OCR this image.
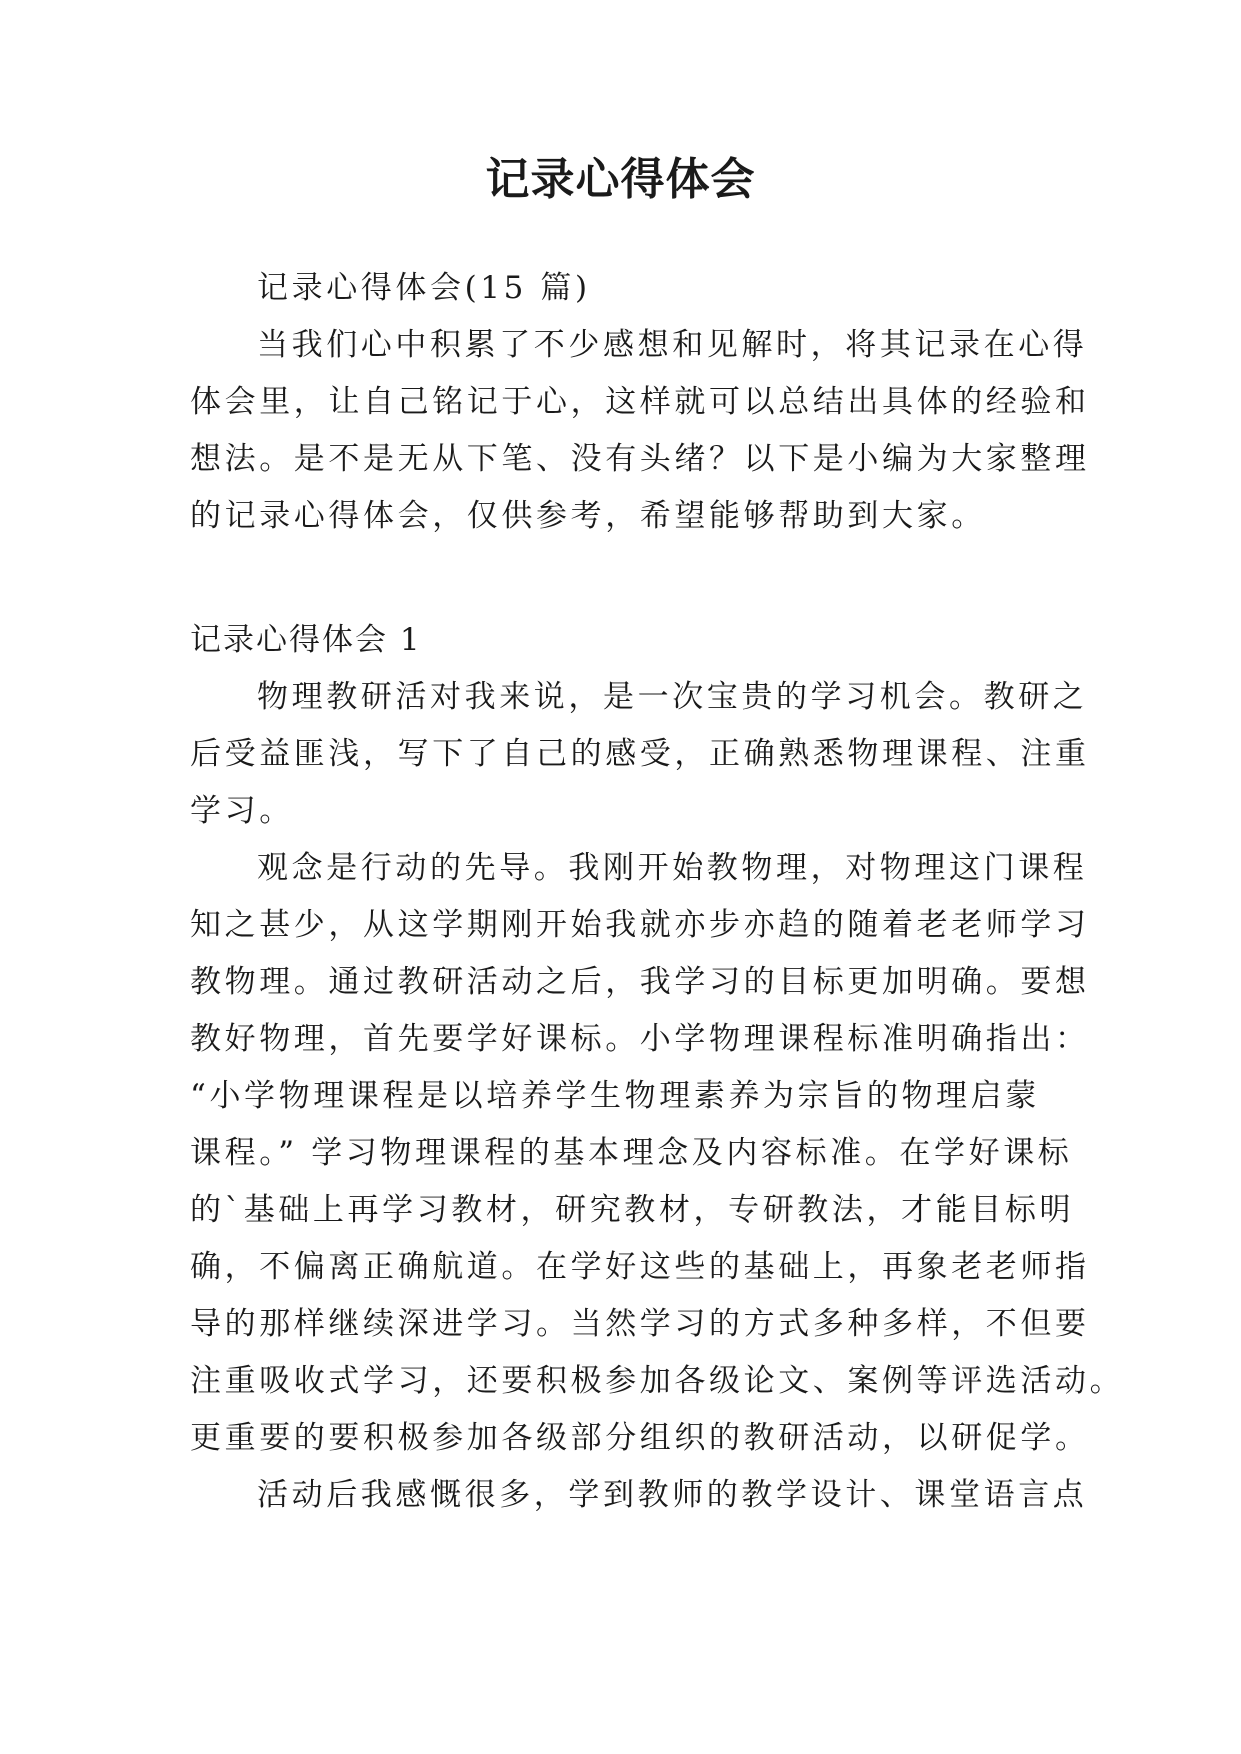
记录心得体会
记录心得体会(15 篇)
当我们心中积累了不少感想和见解时，将其记录在心得
体会里，让自己铭记于心，这样就可以总结出具体的经验和
想法。是不是无从下笔、没有头绪？以下是小编为大家整理
的记录心得体会，仅供参考，希望能够帮助到大家。
记录心得体会 1
物理教研活对我来说，是一次宝贵的学习机会。教研之
后受益匪浅，写下了自己的感受，正确熟悉物理课程、注重
学习。
观念是行动的先导。我刚开始教物理，对物理这门课程
知之甚少，从这学期刚开始我就亦步亦趋的随着老老师学习
教物理。通过教研活动之后，我学习的目标更加明确。要想
教好物理，首先要学好课标。小学物理课程标准明确指出：
“小学物理课程是以培养学生物理素养为宗旨的物理启蒙
课程。” 学习物理课程的基本理念及内容标准。在学好课标
的`基础上再学习教材，研究教材，专研教法，才能目标明
确，不偏离正确航道。在学好这些的基础上，再象老老师指
导的那样继续深进学习。当然学习的方式多种多样，不但要
注重吸收式学习，还要积极参加各级论文、案例等评选活动。
更重要的要积极参加各级部分组织的教研活动，以研促学。
活动后我感慨很多，学到教师的教学设计、课堂语言点
